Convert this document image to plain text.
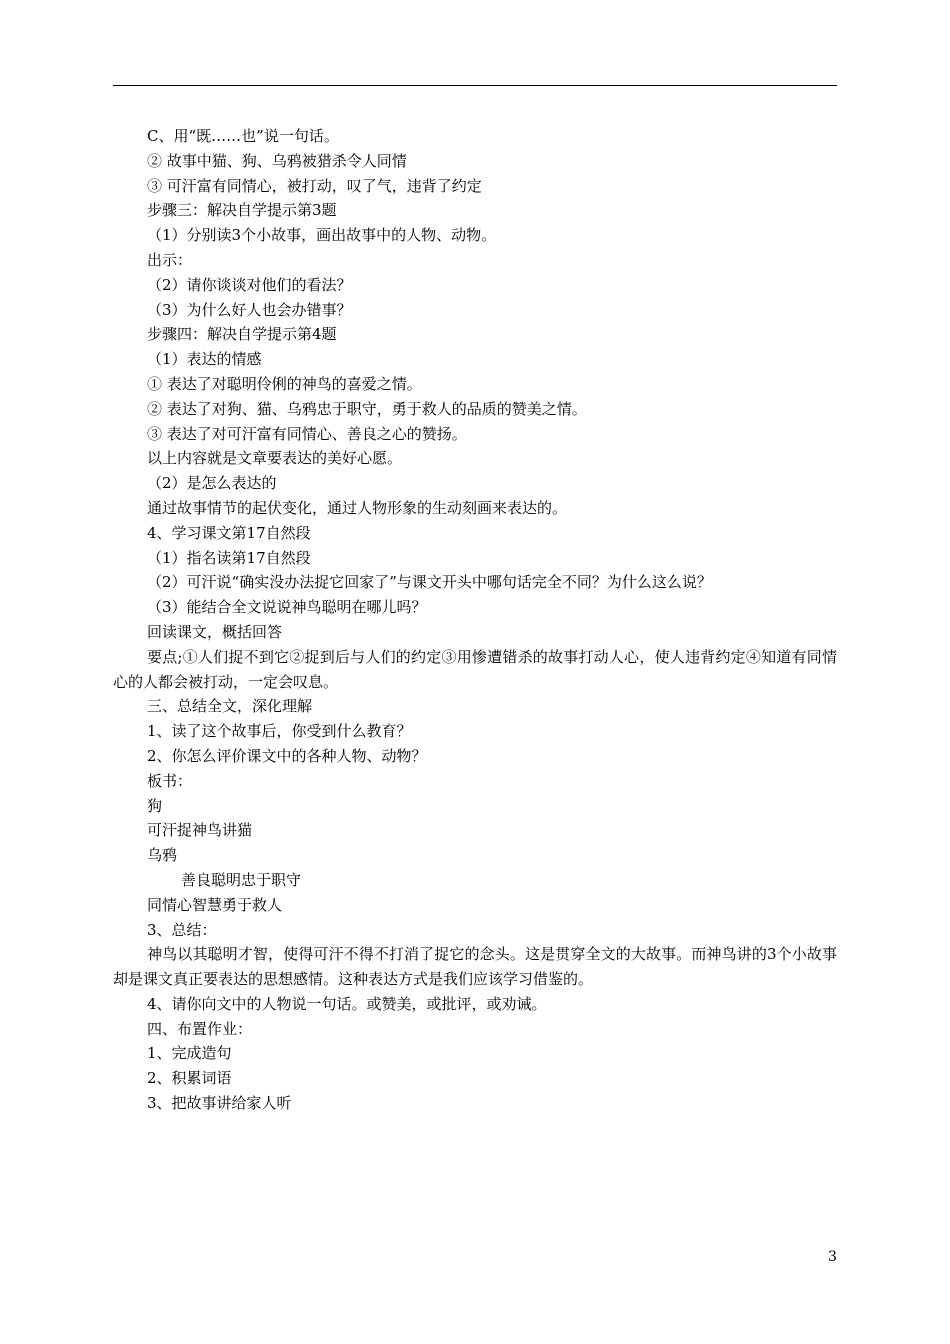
C、用“既……也”说一句话。
② 故事中猫、狗、乌鸦被猎杀令人同情
③ 可汗富有同情心，被打动，叹了气，违背了约定
步骤三：解决自学提示第3题
（1）分别读3个小故事，画出故事中的人物、动物。
出示：
（2）请你谈谈对他们的看法？
（3）为什么好人也会办错事？
步骤四：解决自学提示第4题
（1）表达的情感
① 表达了对聪明伶俐的神鸟的喜爱之情。
② 表达了对狗、猫、乌鸦忠于职守，勇于救人的品质的赞美之情。
③ 表达了对可汗富有同情心、善良之心的赞扬。
以上内容就是文章要表达的美好心愿。
（2）是怎么表达的
通过故事情节的起伏变化，通过人物形象的生动刻画来表达的。
4、学习课文第17自然段
（1）指名读第17自然段
（2）可汗说“确实没办法捉它回家了”与课文开头中哪句话完全不同？为什么这么说？
（3）能结合全文说说神鸟聪明在哪儿吗？
回读课文，概括回答
要点;①人们捉不到它②捉到后与人们的约定③用惨遭错杀的故事打动人心，使人违背约定④知道有同情心的人都会被打动，一定会叹息。
三、总结全文，深化理解
1、读了这个故事后，你受到什么教育？
2、你怎么评价课文中的各种人物、动物？
板书：
狗
可汗捉神鸟讲猫
乌鸦
善良聪明忠于职守
同情心智慧勇于救人
3、总结：
神鸟以其聪明才智，使得可汗不得不打消了捉它的念头。这是贯穿全文的大故事。而神鸟讲的3个小故事却是课文真正要表达的思想感情。这种表达方式是我们应该学习借鉴的。
4、请你向文中的人物说一句话。或赞美，或批评，或劝诫。
四、布置作业：
1、完成造句
2、积累词语
3、把故事讲给家人听
3
